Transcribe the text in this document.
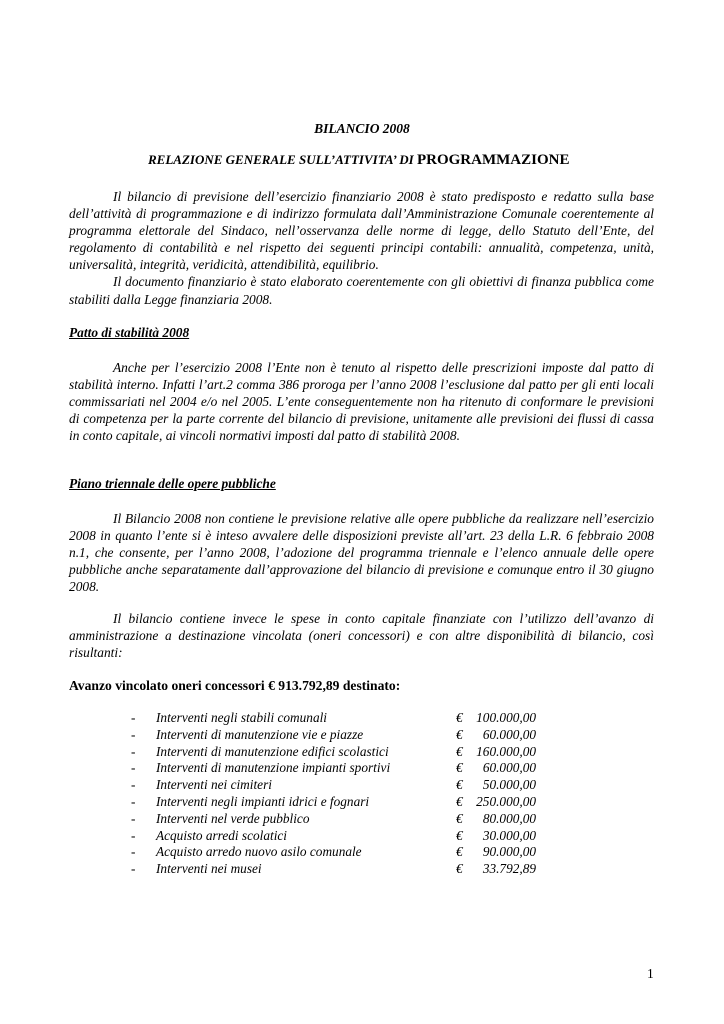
BILANCIO 2008
RELAZIONE GENERALE SULL’ATTIVITA’ DI PROGRAMMAZIONE

Il bilancio di previsione dell’esercizio finanziario 2008 è stato predisposto e redatto sulla base dell’attività di programmazione e di indirizzo formulata dall’Amministrazione Comunale coerentemente al programma elettorale del Sindaco, nell’osservanza delle norme di legge, dello Statuto dell’Ente, del regolamento di contabilità e nel rispetto dei seguenti principi contabili: annualità, competenza, unità, universalità, integrità, veridicità, attendibilità, equilibrio.

Il documento finanziario è stato elaborato coerentemente con gli obiettivi di finanza pubblica come stabiliti dalla Legge finanziaria 2008.

Patto di stabilità 2008

Anche per l’esercizio 2008 l’Ente non è tenuto al rispetto delle prescrizioni imposte dal patto di stabilità interno. Infatti l’art.2 comma 386 proroga per l’anno 2008 l’esclusione dal patto per gli enti locali commissariati nel 2004 e/o nel 2005. L’ente conseguentemente non ha ritenuto di conformare le previsioni di competenza per la parte corrente del bilancio di previsione, unitamente alle previsioni dei flussi di cassa in conto capitale, ai vincoli normativi imposti dal patto di stabilità 2008.

Piano triennale delle opere pubbliche

Il Bilancio 2008 non contiene le previsione relative alle opere pubbliche da realizzare nell’esercizio 2008 in quanto l’ente si è inteso avvalere delle disposizioni previste all’art. 23 della L.R. 6 febbraio 2008 n.1, che consente, per l’anno 2008, l’adozione del programma triennale e l’elenco annuale delle opere pubbliche anche separatamente dall’approvazione del bilancio di previsione e comunque entro il 30 giugno 2008.

Il bilancio contiene invece le spese in conto capitale finanziate con l’utilizzo dell’avanzo di amministrazione a destinazione vincolata (oneri concessori) e con altre disponibilità di bilancio, così risultanti:

Avanzo vincolato oneri concessori € 913.792,89 destinato:
-	Interventi negli stabili comunali	€	100.000,00
-	Interventi di manutenzione vie e piazze	€	60.000,00
-	Interventi di manutenzione edifici scolastici	€	160.000,00
-	Interventi di manutenzione impianti sportivi	€	60.000,00
-	Interventi nei cimiteri	€	50.000,00
-	Interventi negli impianti idrici e fognari	€	250.000,00
-	Interventi nel verde pubblico	€	80.000,00
-	Acquisto arredi scolatici	€	30.000,00
-	Acquisto arredo nuovo asilo comunale	€	90.000,00
-	Interventi nei musei	€	33.792,89
1
